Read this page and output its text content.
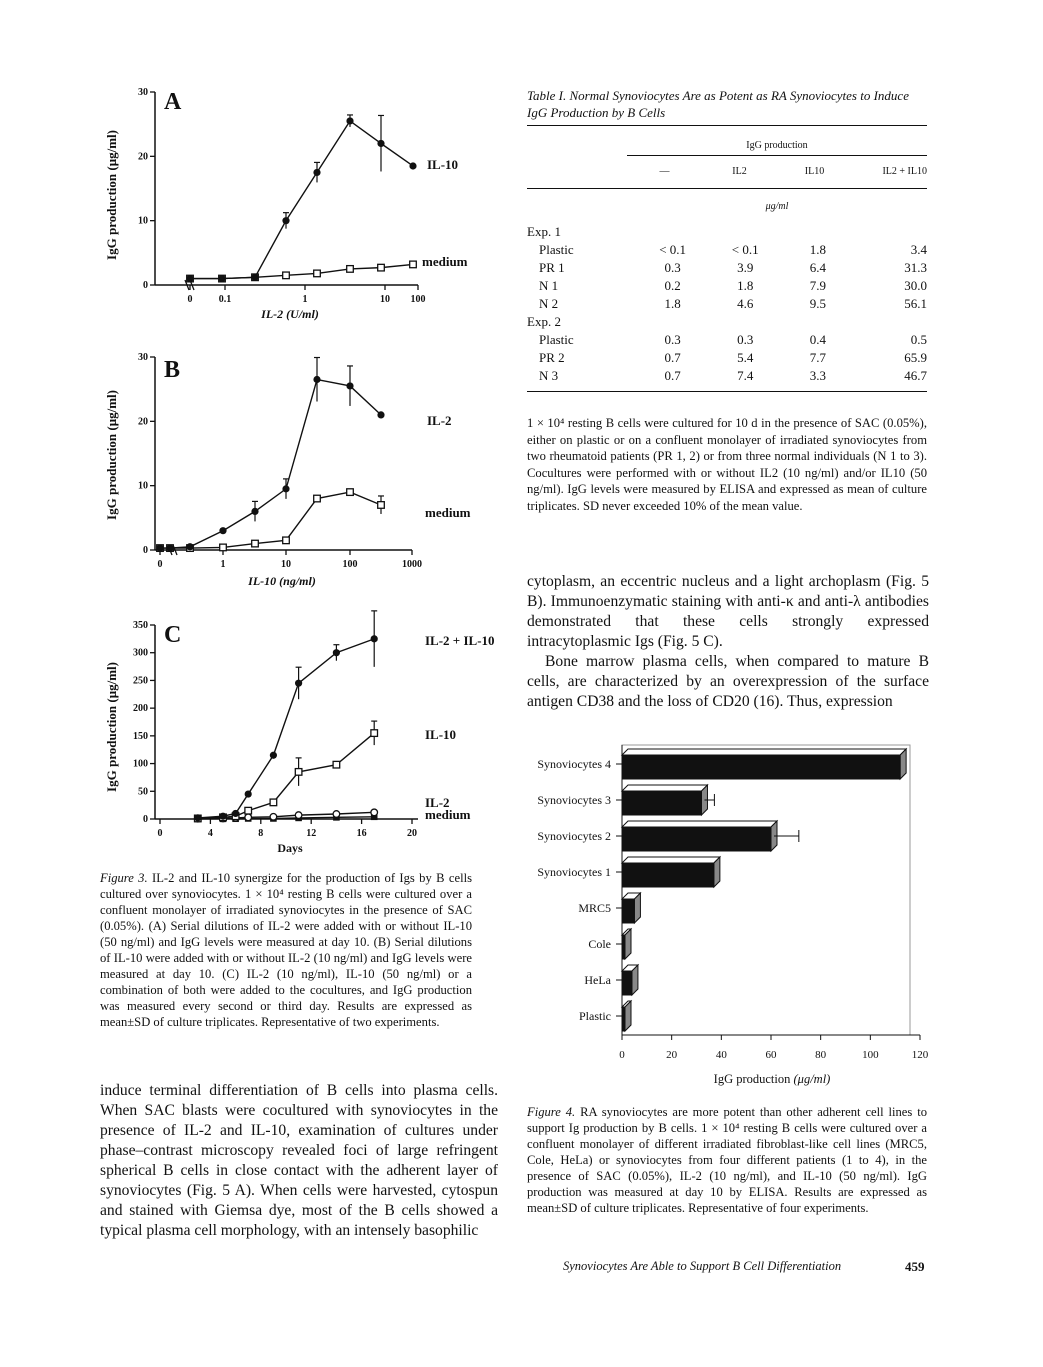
IgG production (μg/ml)
0
10
20
30
0	0.1	1	10 100
A
IL-10
medium
IL-2 (U/ml)
IgG production (μg/ml)
0
10
20
30
0	1	10	100	1000
B
IL-2
medium
IL-10 (ng/ml)
IgG production (μg/ml)
0
50
100
150
200
250
300
350
0	4	8	12	16	20
C	IL-2 + IL-10
IL-10
IL-2
medium
Days
Figure 3. IL-2 and IL-10 synergize for the production of Igs by B cells cultured over synoviocytes. 1 × 10⁴ resting B cells were cultured over a confluent monolayer of irradiated synoviocytes in the presence of SAC (0.05%). (A) Serial dilutions of IL-2 were added with or without IL-10 (50 ng/ml) and IgG levels were measured at day 10. (B) Serial dilutions of IL-10 were added with or without IL-2 (10 ng/ml) and IgG levels were measured at day 10. (C) IL-2 (10 ng/ml), IL-10 (50 ng/ml) or a combination of both were added to the cocultures, and IgG production was measured every second or third day. Results are expressed as mean±SD of culture triplicates. Representative of two experiments.

induce terminal differentiation of B cells into plasma cells. When SAC blasts were cocultured with synoviocytes in the presence of IL-2 and IL-10, examination of cultures under phase–contrast microscopy revealed foci of large refringent spherical B cells in close contact with the adherent layer of synoviocytes (Fig. 5 A). When cells were harvested, cytospun and stained with Giemsa dye, most of the B cells showed a typical plasma cell morphology, with an intensely basophilic

Table I. Normal Synoviocytes Are as Potent as RA Synoviocytes to Induce IgG Production by B Cells
IgG production
—	IL2	IL10	IL2 + IL10
μg/ml
Exp. 1				
Plastic	< 0.1	< 0.1	1.8	3.4
PR 1	0.3	3.9	6.4	31.3
N 1	0.2	1.8	7.9	30.0
N 2	1.8	4.6	9.5	56.1
Exp. 2				
Plastic	0.3	0.3	0.4	0.5
PR 2	0.7	5.4	7.7	65.9
N 3	0.7	7.4	3.3	46.7
1 × 10⁴ resting B cells were cultured for 10 d in the presence of SAC (0.05%), either on plastic or on a confluent monolayer of irradiated synoviocytes from two rheumatoid patients (PR 1, 2) or from three normal individuals (N 1 to 3). Cocultures were performed with or without IL2 (10 ng/ml) and/or IL10 (50 ng/ml). IgG levels were measured by ELISA and expressed as mean of culture triplicates. SD never exceeded 10% of the mean value.

cytoplasm, an eccentric nucleus and a light archoplasm (Fig. 5 B). Immunoenzymatic staining with anti-κ and anti-λ antibodies demonstrated that these cells strongly expressed intracytoplasmic Igs (Fig. 5 C).

Bone marrow plasma cells, when compared to mature B cells, are characterized by an overexpression of the surface antigen CD38 and the loss of CD20 (16). Thus, expression

Synoviocytes 4
Synoviocytes 3
Synoviocytes 2
Synoviocytes 1
MRC5
Cole
HeLa
Plastic
0	20	40	60	80	100	120
IgG production (μg/ml)
Figure 4. RA synoviocytes are more potent than other adherent cell lines to support Ig production by B cells. 1 × 10⁴ resting B cells were cultured over a confluent monolayer of different irradiated fibroblast-like cell lines (MRC5, Cole, HeLa) or synoviocytes from four different patients (1 to 4), in the presence of SAC (0.05%), IL-2 (10 ng/ml), and IL-10 (50 ng/ml). IgG production was measured at day 10 by ELISA. Results are expressed as mean±SD of culture triplicates. Representative of four experiments.
Synoviocytes Are Able to Support B Cell Differentiation	459
